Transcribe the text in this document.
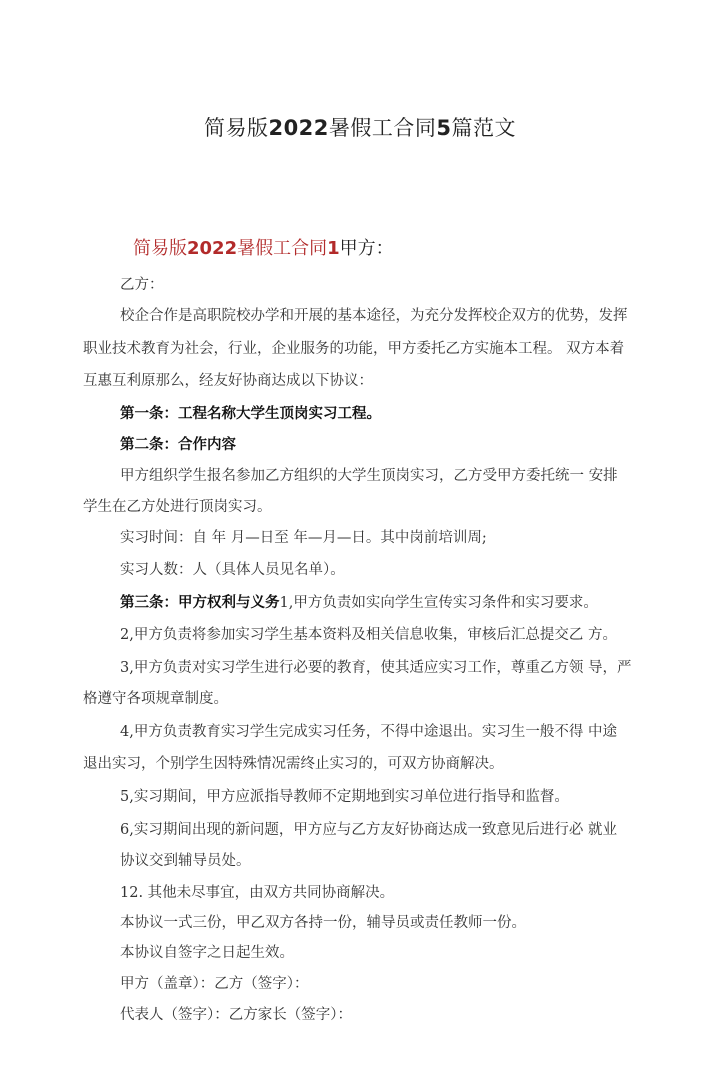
简易版2022暑假工合同5篇范文
简易版2022暑假工合同1甲方：
乙方：
校企合作是高职院校办学和开展的基本途径，为充分发挥校企双方的优势，发挥
职业技术教育为社会，行业，企业服务的功能，甲方委托乙方实施本工程。 双方本着
互惠互利原那么，经友好协商达成以下协议：
第一条：工程名称大学生顶岗实习工程。
第二条：合作内容
甲方组织学生报名参加乙方组织的大学生顶岗实习，乙方受甲方委托统一 安排
学生在乙方处进行顶岗实习。
实习时间：自 年 月—日至 年—月—日。其中岗前培训周;
实习人数：人（具体人员见名单）。
第三条：甲方权利与义务1,甲方负责如实向学生宣传实习条件和实习要求。
2,甲方负责将参加实习学生基本资料及相关信息收集，审核后汇总提交乙 方。
3,甲方负责对实习学生进行必要的教育，使其适应实习工作，尊重乙方领 导，严
格遵守各项规章制度。
4,甲方负责教育实习学生完成实习任务，不得中途退出。实习生一般不得 中途
退出实习，个别学生因特殊情况需终止实习的，可双方协商解决。
5,实习期间，甲方应派指导教师不定期地到实习单位进行指导和监督。
6,实习期间出现的新问题，甲方应与乙方友好协商达成一致意见后进行必 就业
协议交到辅导员处。
12. 其他未尽事宜，由双方共同协商解决。
本协议一式三份，甲乙双方各持一份，辅导员或责任教师一份。
本协议自签字之日起生效。
甲方（盖章）：乙方（签字）：
代表人（签字）：乙方家长（签字）：
